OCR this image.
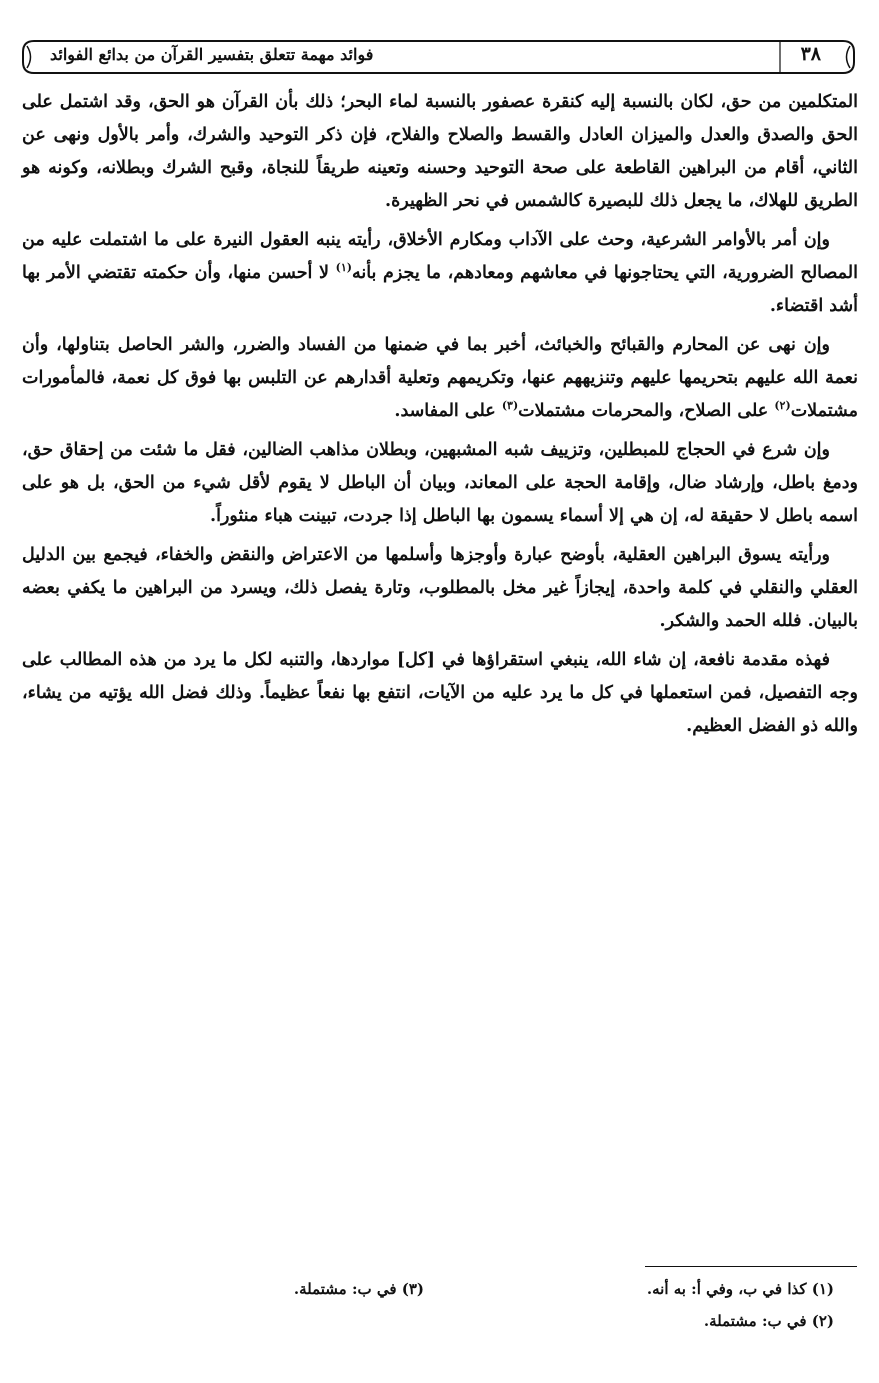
فوائد مهمة تتعلق بتفسير القرآن من بدائع الفوائد	٣٨

المتكلمين من حق، لكان بالنسبة إليه كنقرة عصفور بالنسبة لماء البحر؛ ذلك بأن القرآن هو الحق، وقد اشتمل على الحق والصدق والعدل والميزان العادل والقسط والصلاح والفلاح، فإن ذكر التوحيد والشرك، وأمر بالأول ونهى عن الثاني، أقام من البراهين القاطعة على صحة التوحيد وحسنه وتعينه طريقاً للنجاة، وقبح الشرك وبطلانه، وكونه هو الطريق للهلاك، ما يجعل ذلك للبصيرة كالشمس في نحر الظهيرة.

وإن أمر بالأوامر الشرعية، وحث على الآداب ومكارم الأخلاق، رأيته ينبه العقول النيرة على ما اشتملت عليه من المصالح الضرورية، التي يحتاجونها في معاشهم ومعادهم، ما يجزم بأنه$^{(١)}$ لا أحسن منها، وأن حكمته تقتضي الأمر بها أشد اقتضاء.

وإن نهى عن المحارم والقبائح والخبائث، أخبر بما في ضمنها من الفساد والضرر، والشر الحاصل بتناولها، وأن نعمة الله عليهم بتحريمها عليهم وتنزيههم عنها، وتكريمهم وتعلية أقدارهم عن التلبس بها فوق كل نعمة، فالمأمورات مشتملات$^{(٢)}$ على الصلاح، والمحرمات مشتملات$^{(٣)}$ على المفاسد.

وإن شرع في الحجاج للمبطلين، وتزييف شبه المشبهين، وبطلان مذاهب الضالين، فقل ما شئت من إحقاق حق، ودمغ باطل، وإرشاد ضال، وإقامة الحجة على المعاند، وبيان أن الباطل لا يقوم لأقل شيء من الحق، بل هو على اسمه باطل لا حقيقة له، إن هي إلا أسماء يسمون بها الباطل إذا جردت، تبينت هباء منثوراً.

ورأيته يسوق البراهين العقلية، بأوضح عبارة وأوجزها وأسلمها من الاعتراض والنقض والخفاء، فيجمع بين الدليل العقلي والنقلي في كلمة واحدة، إيجازاً غير مخل بالمطلوب، وتارة يفصل ذلك، ويسرد من البراهين ما يكفي بعضه بالبيان. فلله الحمد والشكر.

فهذه مقدمة نافعة، إن شاء الله، ينبغي استقراؤها في [كل] مواردها، والتنبه لكل ما يرد من هذه المطالب على وجه التفصيل، فمن استعملها في كل ما يرد عليه من الآيات، انتفع بها نفعاً عظيماً. وذلك فضل الله يؤتيه من يشاء، والله ذو الفضل العظيم.

(١) كذا في ب، وفي أ: به أنه.
(٣) في ب: مشتملة.
(٢) في ب: مشتملة.
